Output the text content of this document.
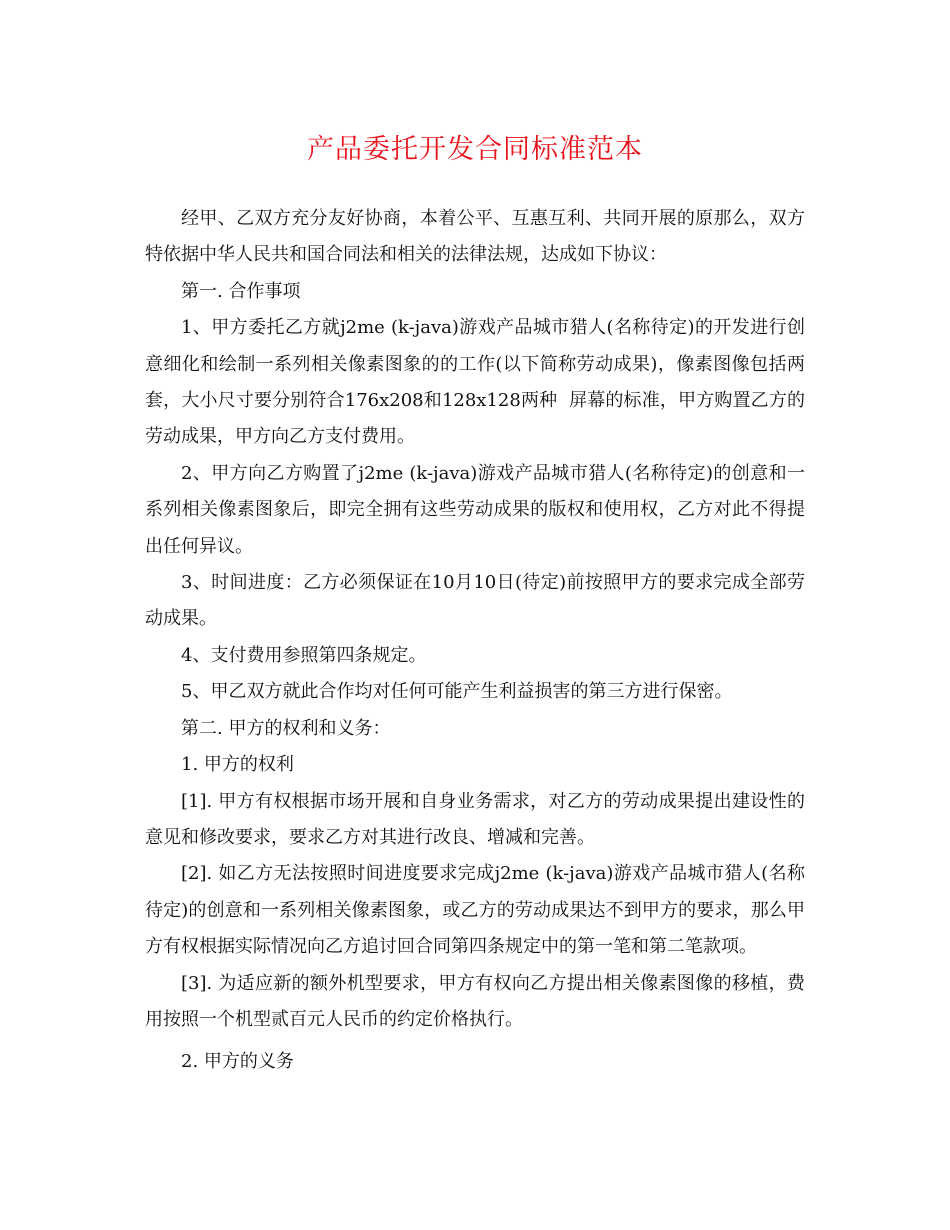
产品委托开发合同标准范本

经甲、乙双方充分友好协商，本着公平、互惠互利、共同开展的原那么，双方特依据中华人民共和国合同法和相关的法律法规，达成如下协议：

第一. 合作事项

1、甲方委托乙方就j2me (k-java)游戏产品城市猎人(名称待定)的开发进行创意细化和绘制一系列相关像素图象的的工作(以下简称劳动成果)，像素图像包括两套，大小尺寸要分别符合176x208和128x128两种  屏幕的标准，甲方购置乙方的劳动成果，甲方向乙方支付费用。

2、甲方向乙方购置了j2me (k-java)游戏产品城市猎人(名称待定)的创意和一系列相关像素图象后，即完全拥有这些劳动成果的版权和使用权，乙方对此不得提出任何异议。

3、时间进度：乙方必须保证在10月10日(待定)前按照甲方的要求完成全部劳动成果。

4、支付费用参照第四条规定。

5、甲乙双方就此合作均对任何可能产生利益损害的第三方进行保密。

第二. 甲方的权利和义务：

1. 甲方的权利

[1]. 甲方有权根据市场开展和自身业务需求，对乙方的劳动成果提出建设性的意见和修改要求，要求乙方对其进行改良、增减和完善。

[2]. 如乙方无法按照时间进度要求完成j2me (k-java)游戏产品城市猎人(名称待定)的创意和一系列相关像素图象，或乙方的劳动成果达不到甲方的要求，那么甲方有权根据实际情况向乙方追讨回合同第四条规定中的第一笔和第二笔款项。

[3]. 为适应新的额外机型要求，甲方有权向乙方提出相关像素图像的移植，费用按照一个机型贰百元人民币的约定价格执行。

2. 甲方的义务
